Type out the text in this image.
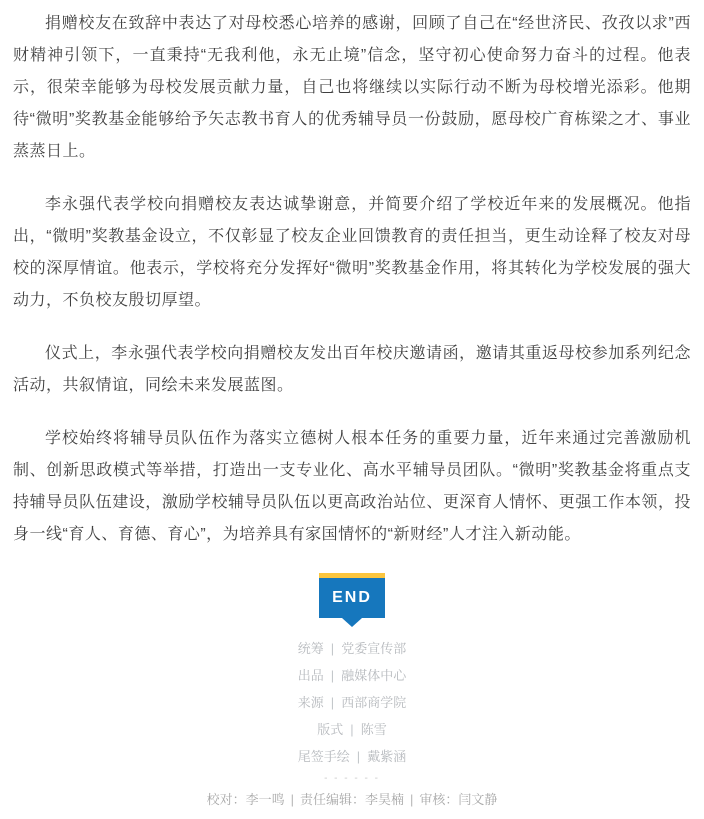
捐赠校友在致辞中表达了对母校悉心培养的感谢，回顾了自己在“经世济民、孜孜以求”西财精神引领下，一直秉持“无我利他，永无止境”信念，坚守初心使命努力奋斗的过程。他表示，很荣幸能够为母校发展贡献力量，自己也将继续以实际行动不断为母校增光添彩。他期待“微明”奖教基金能够给予矢志教书育人的优秀辅导员一份鼓励，愿母校广育栋梁之才、事业蒸蒸日上。

李永强代表学校向捐赠校友表达诚挚谢意，并简要介绍了学校近年来的发展概况。他指出，“微明”奖教基金设立，不仅彰显了校友企业回馈教育的责任担当，更生动诠释了校友对母校的深厚情谊。他表示，学校将充分发挥好“微明”奖教基金作用，将其转化为学校发展的强大动力，不负校友殷切厚望。

仪式上，李永强代表学校向捐赠校友发出百年校庆邀请函，邀请其重返母校参加系列纪念活动，共叙情谊，同绘未来发展蓝图。

学校始终将辅导员队伍作为落实立德树人根本任务的重要力量，近年来通过完善激励机制、创新思政模式等举措，打造出一支专业化、高水平辅导员团队。“微明”奖教基金将重点支持辅导员队伍建设，激励学校辅导员队伍以更高政治站位、更深育人情怀、更强工作本领，投身一线“育人、育德、育心”，为培养具有家国情怀的“新财经”人才注入新动能。

END
统筹 | 党委宣传部
出品 | 融媒体中心
来源 | 西部商学院
版式 | 陈雪
尾签手绘 | 戴紫涵
- - - - - -
校对：李一鸣 | 责任编辑：李昊楠 | 审核：闫文静
